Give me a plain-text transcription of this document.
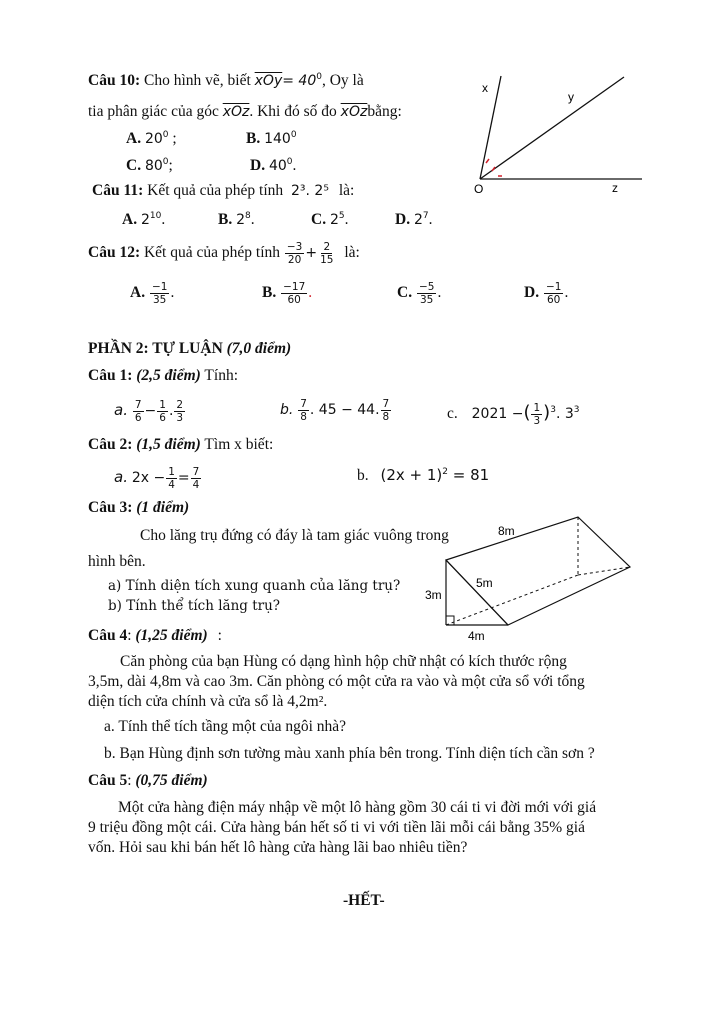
Câu 10: Cho hình vẽ, biết $\overline{xOy}= 40^0$, Oy là
tia phân giác của góc $\overline{xOz}$. Khi đó số đo $\overline{xOz}bằng$:
A. $20^0$ ;	B. $140^0$
C. $80^0$;	D. $40^0$.
x
y
O	z
Câu 11: Kết quả của phép tính 2³. 2⁵ là:
A. $2^{10}$.	B. $2^8$.	C. $2^5$.	D. $2^7$.
Câu 12: Kết quả của phép tính $\frac{-3}{20} + \frac{2}{15}$ là:
A. $\frac{-1}{35}$ .	B. $\frac{-17}{60}$ .	C. $\frac{-5}{35}$ .	D. $\frac{-1}{60}$ .
PHẦN 2: TỰ LUẬN (7,0 điểm)
Câu 1: (2,5 điểm) Tính:
a. $\frac{7}{6} - \frac{1}{6}$ . $\frac{2}{3}$	b. $\frac{7}{8}$ . 45 − 44. $\frac{7}{8}$	c. 2021 −( $\frac{1}{3} )^3$. $3^3$
Câu 2: (1,5 điểm) Tìm x biết:
a. $2x - \frac{1}{4} = \frac{7}{4}$	b. $(2x + 1)^2 = 81$
Câu 3: (1 điểm)
Cho lăng trụ đứng có đáy là tam giác vuông trong
hình bên.
a) Tính diện tích xung quanh của lăng trụ?
b) Tính thể tích lăng trụ?
8m
5m
3m
4m
Câu 4: (1,25 điểm) :
Căn phòng của bạn Hùng có dạng hình hộp chữ nhật có kích thước rộng
3,5m, dài 4,8m và cao 3m. Căn phòng có một cửa ra vào và một cửa sổ với tổng
diện tích cửa chính và cửa sổ là 4,2m².
a. Tính thể tích tầng một của ngôi nhà?
b. Bạn Hùng định sơn tường màu xanh phía bên trong. Tính diện tích cần sơn ?
Câu 5: (0,75 điểm)
Một cửa hàng điện máy nhập về một lô hàng gồm 30 cái ti vi đời mới với giá
9 triệu đồng một cái. Cửa hàng bán hết số ti vi với tiền lãi mỗi cái bằng 35% giá
vốn. Hỏi sau khi bán hết lô hàng cửa hàng lãi bao nhiêu tiền?
-HẾT-
